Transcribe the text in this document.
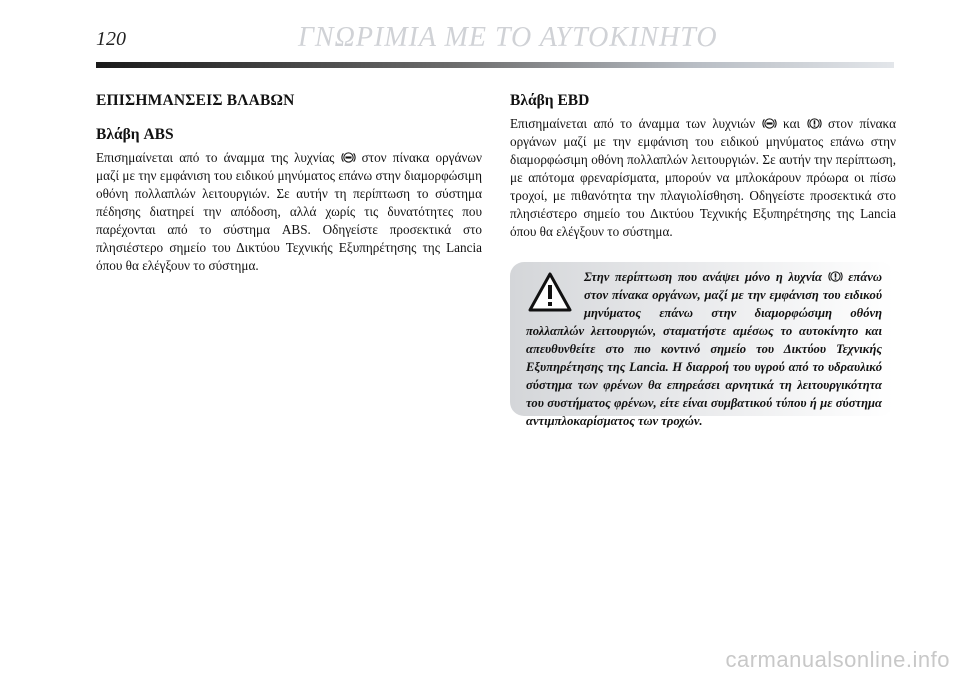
120	ΓΝΩΡΙΜΙΑ ΜΕ ΤΟ ΑΥΤΟΚΙΝΗΤΟ
ΕΠΙΣΗΜΑΝΣΕΙΣ ΒΛΑΒΩΝ
Βλάβη ABS

Επισημαίνεται από το άναμμα της λυχνίας  στον πίνακα οργάνων μαζί με την εμφάνιση του ειδικού μηνύματος επάνω στην διαμορφώσιμη οθόνη πολλαπλών λειτουργιών. Σε αυτήν τη περίπτωση το σύστημα πέδησης διατηρεί την απόδοση, αλλά χωρίς τις δυνατότητες που παρέχονται από το σύστημα ABS. Οδηγείστε προσεκτικά στο πλησιέστερο σημείο του Δικτύου Τεχνικής Εξυπηρέτησης της Lancia όπου θα ελέγξουν το σύστημα.

Βλάβη EBD

Επισημαίνεται από το άναμμα των λυχνιών  και  στον πίνακα οργάνων μαζί με την εμφάνιση του ειδικού μηνύματος επάνω στην διαμορφώσιμη οθόνη πολλαπλών λειτουργιών. Σε αυτήν την περίπτωση, με απότομα φρεναρίσματα, μπορούν να μπλοκάρουν πρόωρα οι πίσω τροχοί, με πιθανότητα την πλαγιολίσθηση. Οδηγείστε προσεκτικά στο πλησιέστερο σημείο του Δικτύου Τεχνικής Εξυπηρέτησης της Lancia όπου θα ελέγξουν το σύστημα.

Στην περίπτωση που ανάψει μόνο η λυχνία  επάνω στον πίνακα οργάνων, μαζί με την εμφάνιση του ειδικού μηνύματος επάνω στην διαμορφώσιμη οθόνη πολλαπλών λειτουργιών, σταματήστε αμέσως το αυτοκίνητο και απευθυνθείτε στο πιο κοντινό σημείο του Δικτύου Τεχνικής Εξυπηρέτησης της Lancia. Η διαρροή του υγρού από το υδραυλικό σύστημα των φρένων θα επηρεάσει αρνητικά τη λειτουργικότητα του συστήματος φρένων, είτε είναι συμβατικού τύπου ή με σύστημα αντιμπλοκαρίσματος των τροχών.

carmanualsonline.info
